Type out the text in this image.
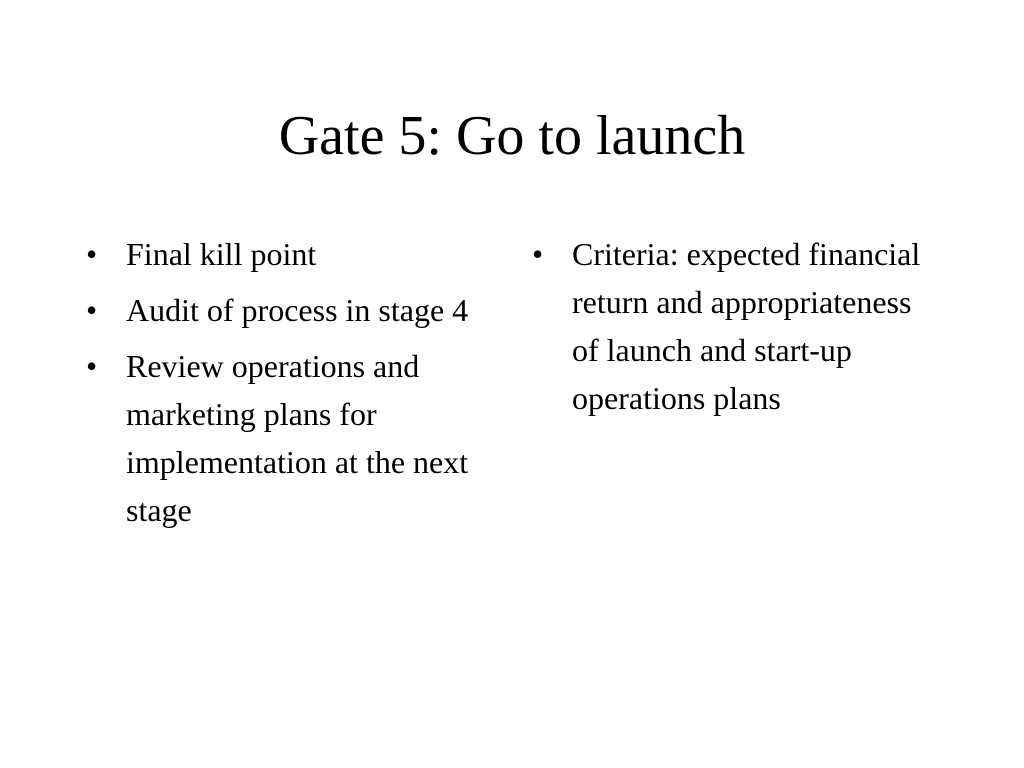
Gate 5: Go to launch
• Final kill point
• Audit of process in stage 4
• Review operations and marketing plans for implementation at the next stage
• Criteria: expected financial return and appropriateness of launch and start-up operations plans
